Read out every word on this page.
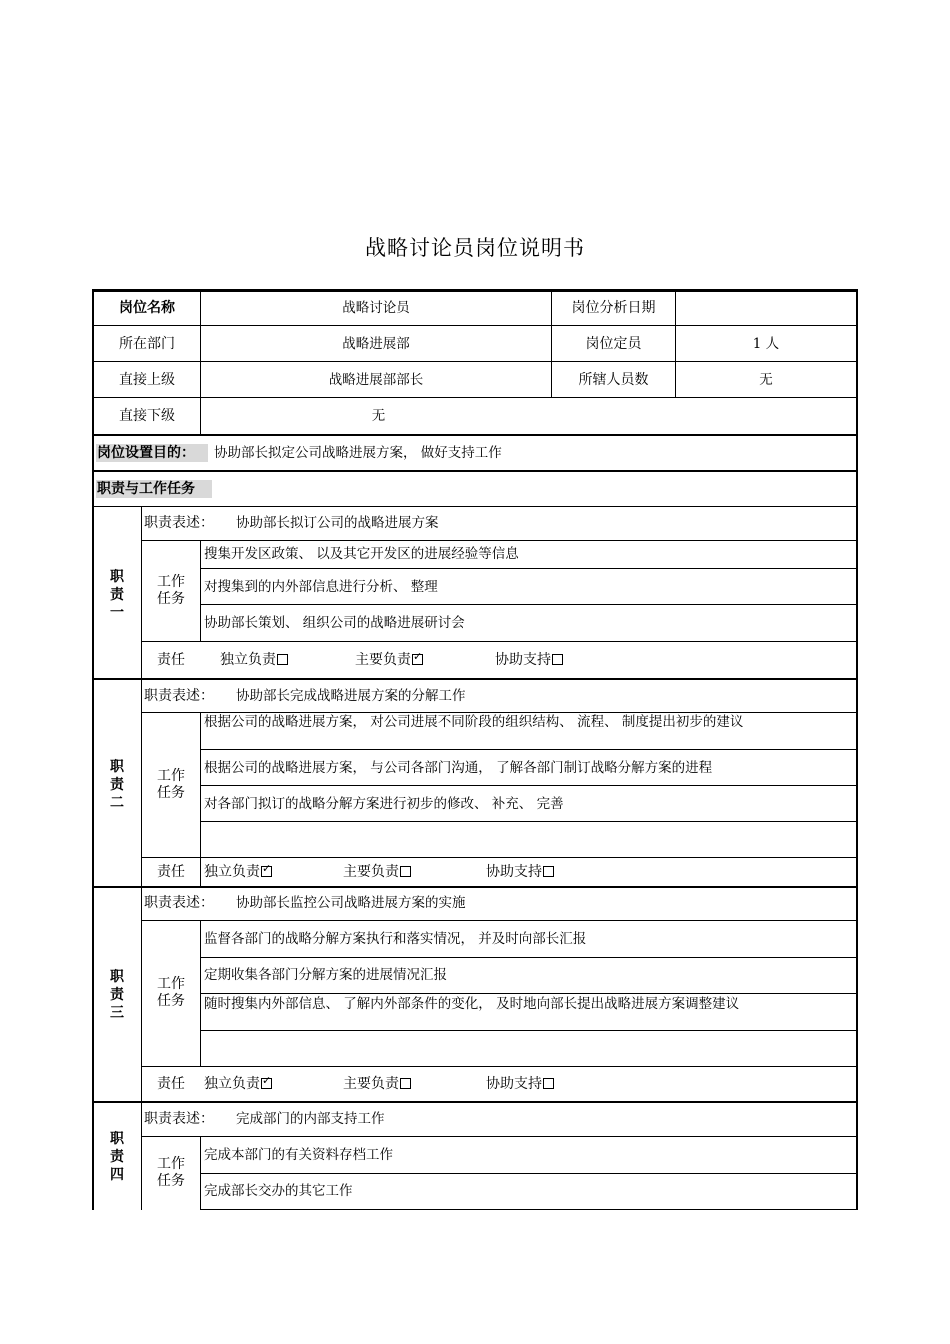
战略讨论员岗位说明书
岗位名称	战略讨论员	岗位分析日期
所在部门	战略进展部	岗位定员	1 人
直接上级	战略进展部部长	所辖人员数	无
直接下级	无
岗位设置目的： 协助部长拟定公司战略进展方案， 做好支持工作
职责与工作任务
职
责
一
职责表述： 协助部长拟订公司的战略进展方案
工作
任务
搜集开发区政策、 以及其它开发区的进展经验等信息
对搜集到的内外部信息进行分析、 整理
协助部长策划、 组织公司的战略进展研讨会
责任	独立负责	主要负责 ✓	协助支持
职
责
二
职责表述： 协助部长完成战略进展方案的分解工作
工作
任务
根据公司的战略进展方案， 对公司进展不同阶段的组织结构、 流程、 制度提出初步的建议
根据公司的战略进展方案， 与公司各部门沟通， 了解各部门制订战略分解方案的进程
对各部门拟订的战略分解方案进行初步的修改、 补充、 完善
责任	独立负责 ✓	主要负责	协助支持
职
责
三
职责表述： 协助部长监控公司战略进展方案的实施
工作
任务
监督各部门的战略分解方案执行和落实情况， 并及时向部长汇报
定期收集各部门分解方案的进展情况汇报
随时搜集内外部信息、 了解内外部条件的变化， 及时地向部长提出战略进展方案调整建议
责任	独立负责 ✓	主要负责	协助支持
职
责
四
职责表述： 完成部门的内部支持工作
工作
任务
完成本部门的有关资料存档工作
完成部长交办的其它工作
